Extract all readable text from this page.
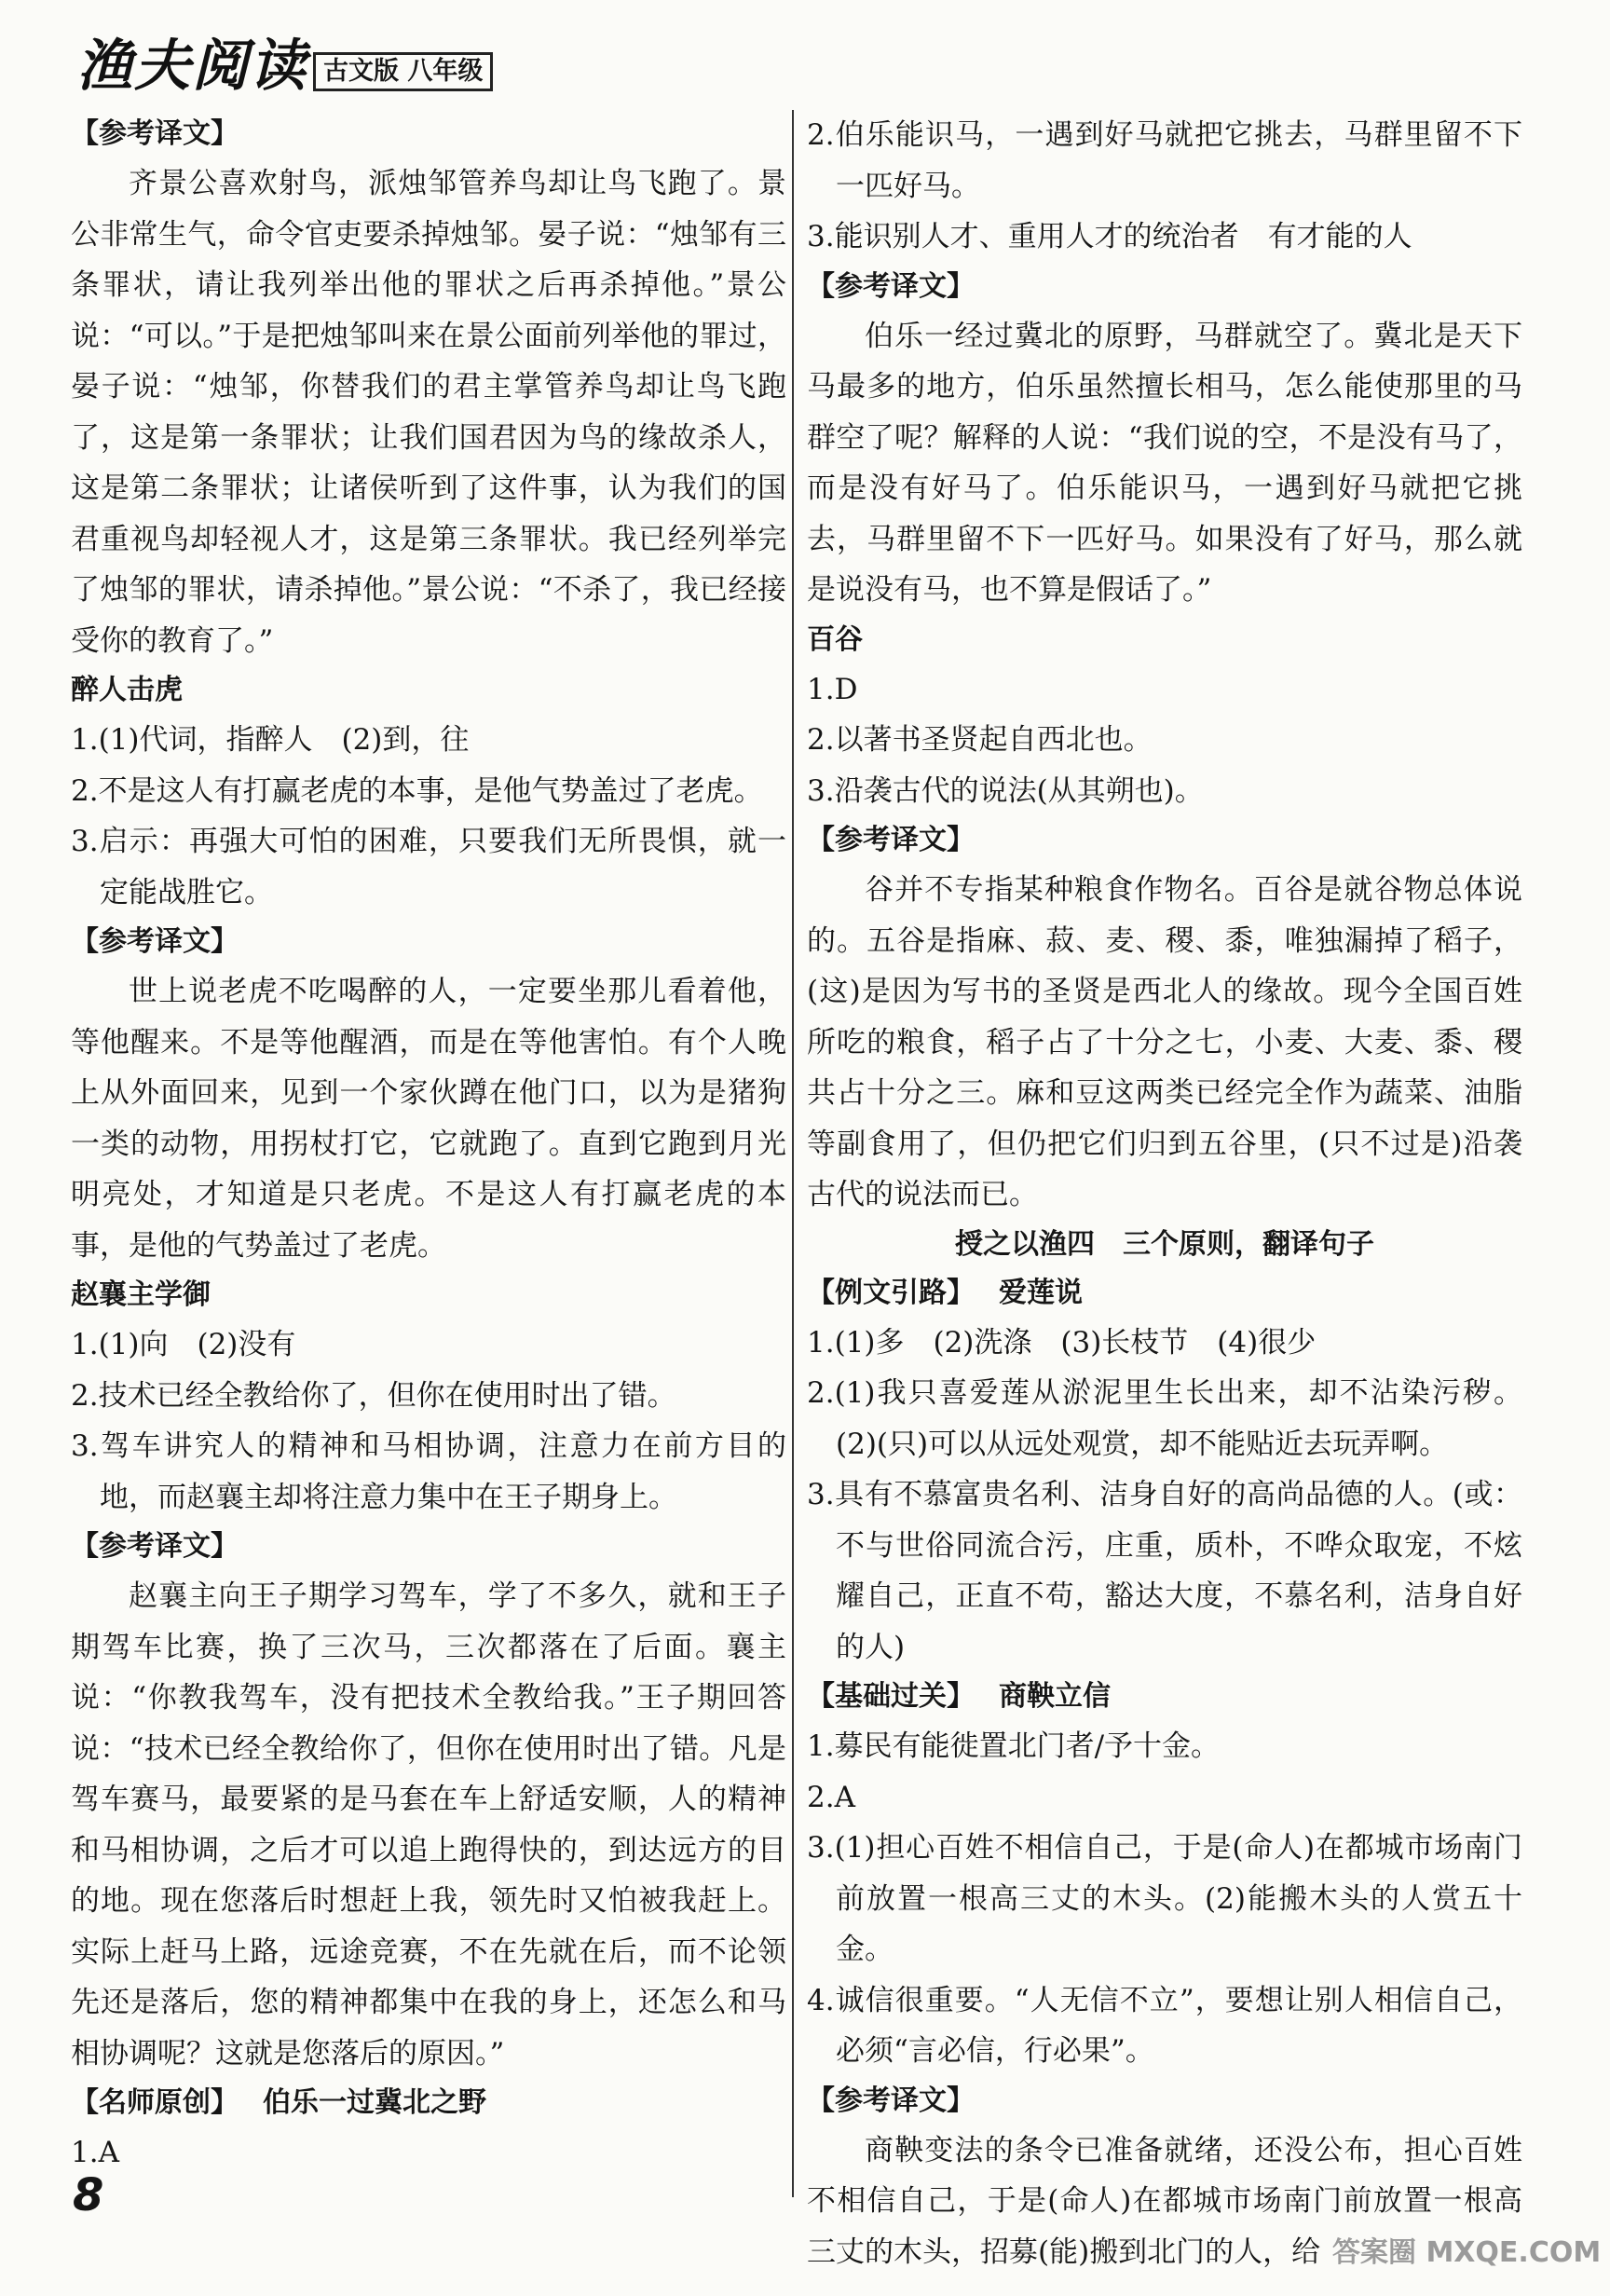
渔夫阅读 古文版 八年级
【参考译文】

齐景公喜欢射鸟，派烛邹管养鸟却让鸟飞跑了。景公非常生气，命令官吏要杀掉烛邹。晏子说：“烛邹有三条罪状，请让我列举出他的罪状之后再杀掉他。”景公说：“可以。”于是把烛邹叫来在景公面前列举他的罪过，晏子说：“烛邹，你替我们的君主掌管养鸟却让鸟飞跑了，这是第一条罪状；让我们国君因为鸟的缘故杀人，这是第二条罪状；让诸侯听到了这件事，认为我们的国君重视鸟却轻视人才，这是第三条罪状。我已经列举完了烛邹的罪状，请杀掉他。”景公说：“不杀了，我已经接受你的教育了。”

醉人击虎

1.(1)代词，指醉人　(2)到，往

2.不是这人有打赢老虎的本事，是他气势盖过了老虎。

3.启示：再强大可怕的困难，只要我们无所畏惧，就一定能战胜它。

【参考译文】

世上说老虎不吃喝醉的人，一定要坐那儿看着他，等他醒来。不是等他醒酒，而是在等他害怕。有个人晚上从外面回来，见到一个家伙蹲在他门口，以为是猪狗一类的动物，用拐杖打它，它就跑了。直到它跑到月光明亮处，才知道是只老虎。不是这人有打赢老虎的本事，是他的气势盖过了老虎。

赵襄主学御

1.(1)向　(2)没有

2.技术已经全教给你了，但你在使用时出了错。

3.驾车讲究人的精神和马相协调，注意力在前方目的地，而赵襄主却将注意力集中在王子期身上。

【参考译文】

赵襄主向王子期学习驾车，学了不多久，就和王子期驾车比赛，换了三次马，三次都落在了后面。襄主说：“你教我驾车，没有把技术全教给我。”王子期回答说：“技术已经全教给你了，但你在使用时出了错。凡是驾车赛马，最要紧的是马套在车上舒适安顺，人的精神和马相协调，之后才可以追上跑得快的，到达远方的目的地。现在您落后时想赶上我，领先时又怕被我赶上。实际上赶马上路，远途竞赛，不在先就在后，而不论领先还是落后，您的精神都集中在我的身上，还怎么和马相协调呢？这就是您落后的原因。”

【名师原创】 伯乐一过冀北之野

1.A

2.伯乐能识马，一遇到好马就把它挑去，马群里留不下一匹好马。

3.能识别人才、重用人才的统治者　有才能的人

【参考译文】

伯乐一经过冀北的原野，马群就空了。冀北是天下马最多的地方，伯乐虽然擅长相马，怎么能使那里的马群空了呢？解释的人说：“我们说的空，不是没有马了，而是没有好马了。伯乐能识马，一遇到好马就把它挑去，马群里留不下一匹好马。如果没有了好马，那么就是说没有马，也不算是假话了。”

百谷

1.D

2.以著书圣贤起自西北也。

3.沿袭古代的说法(从其朔也)。

【参考译文】

谷并不专指某种粮食作物名。百谷是就谷物总体说的。五谷是指麻、菽、麦、稷、黍，唯独漏掉了稻子，(这)是因为写书的圣贤是西北人的缘故。现今全国百姓所吃的粮食，稻子占了十分之七，小麦、大麦、黍、稷共占十分之三。麻和豆这两类已经完全作为蔬菜、油脂等副食用了，但仍把它们归到五谷里，(只不过是)沿袭古代的说法而已。

授之以渔四　三个原则，翻译句子
【例文引路】 爱莲说

1.(1)多　(2)洗涤　(3)长枝节　(4)很少

2.(1)我只喜爱莲从淤泥里生长出来，却不沾染污秽。(2)(只)可以从远处观赏，却不能贴近去玩弄啊。

3.具有不慕富贵名利、洁身自好的高尚品德的人。(或：不与世俗同流合污，庄重，质朴，不哗众取宠，不炫耀自己，正直不苟，豁达大度，不慕名利，洁身自好的人)

【基础过关】 商鞅立信

1.募民有能徙置北门者/予十金。

2.A

3.(1)担心百姓不相信自己，于是(命人)在都城市场南门前放置一根高三丈的木头。(2)能搬木头的人赏五十金。

4.诚信很重要。“人无信不立”，要想让别人相信自己，必须“言必信，行必果”。

【参考译文】

商鞅变法的条令已准备就绪，还没公布，担心百姓不相信自己，于是(命人)在都城市场南门前放置一根高三丈的木头，招募(能)搬到北门的人，给

8
答案圈 MXQE.COM
